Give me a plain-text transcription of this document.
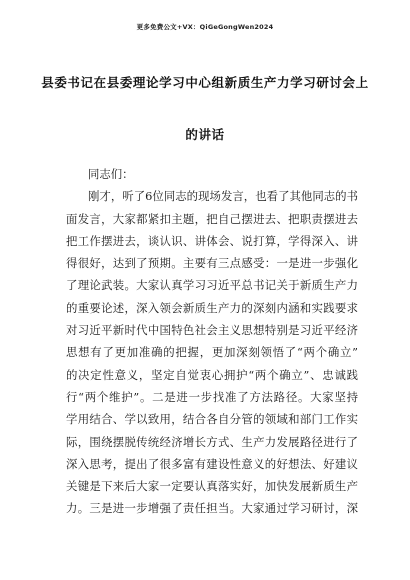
更多免费公文+VX：QiGeGongWen2024
县委书记在县委理论学习中心组新质生产力学习研讨会上
的讲话
同志们：
刚才，听了6位同志的现场发言，也看了其他同志的书
面发言，大家都紧扣主题，把自己摆进去、把职责摆进去
把工作摆进去，谈认识、讲体会、说打算，学得深入、讲
得很好，达到了预期。主要有三点感受：一是进一步强化
了理论武装。大家认真学习习近平总书记关于新质生产力
的重要论述，深入领会新质生产力的深刻内涵和实践要求
对习近平新时代中国特色社会主义思想特别是习近平经济
思想有了更加准确的把握，更加深刻领悟了“两个确立”
的决定性意义，坚定自觉衷心拥护“两个确立”、忠诚践
行“两个维护”。二是进一步找准了方法路径。大家坚持
学用结合、学以致用，结合各自分管的领域和部门工作实
际，围绕摆脱传统经济增长方式、生产力发展路径进行了
深入思考，提出了很多富有建设性意义的好想法、好建议
关键是下来后大家一定要认真落实好，加快发展新质生产
力。三是进一步增强了责任担当。大家通过学习研讨，深
